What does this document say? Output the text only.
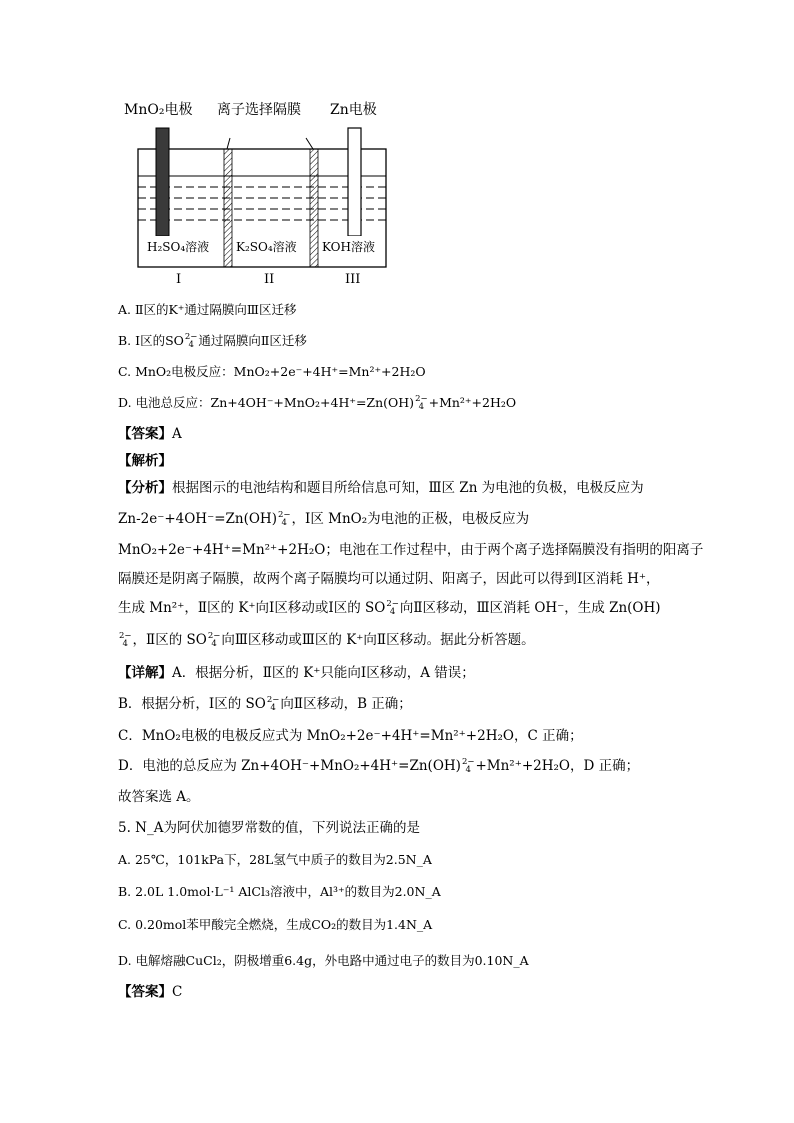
MnO₂电极 离子选择隔膜 Zn电极
H₂SO₄溶液 K₂SO₄溶液 KOH溶液
I	II	III
A. Ⅱ区的K⁺通过隔膜向Ⅲ区迁移
B. Ⅰ区的SO 2−
4 通过隔膜向Ⅱ区迁移
C. MnO₂电极反应：MnO₂+2e⁻+4H⁺=Mn²⁺+2H₂O
D. 电池总反应：Zn+4OH⁻+MnO₂+4H⁺=Zn(OH) 2−
4 +Mn²⁺+2H₂O
【答案】A
【解析】
【分析】根据图示的电池结构和题目所给信息可知，Ⅲ区 Zn 为电池的负极，电极反应为
Zn-2e⁻+4OH⁻=Zn(OH) 2−
4 ，Ⅰ区 MnO₂为电池的正极，电极反应为
MnO₂+2e⁻+4H⁺=Mn²⁺+2H₂O；电池在工作过程中，由于两个离子选择隔膜没有指明的阳离子
隔膜还是阴离子隔膜，故两个离子隔膜均可以通过阴、阳离子，因此可以得到Ⅰ区消耗 H⁺，
生成 Mn²⁺，Ⅱ区的 K⁺向Ⅰ区移动或Ⅰ区的 SO 2−
4 向Ⅱ区移动，Ⅲ区消耗 OH⁻，生成 Zn(OH)
2−
4 ，Ⅱ区的 SO 2−
4 向Ⅲ区移动或Ⅲ区的 K⁺向Ⅱ区移动。据此分析答题。
【详解】A．根据分析，Ⅱ区的 K⁺只能向Ⅰ区移动，A 错误；
B．根据分析，Ⅰ区的 SO 2−
4 向Ⅱ区移动，B 正确；
C．MnO₂电极的电极反应式为 MnO₂+2e⁻+4H⁺=Mn²⁺+2H₂O，C 正确；
D．电池的总反应为 Zn+4OH⁻+MnO₂+4H⁺=Zn(OH) 2−
4 +Mn²⁺+2H₂O，D 正确；
故答案选 A。
5. N_A为阿伏加德罗常数的值，下列说法正确的是
A. 25℃，101kPa下，28L氢气中质子的数目为2.5N_A
B. 2.0L 1.0mol·L⁻¹ AlCl₃溶液中，Al³⁺的数目为2.0N_A
C. 0.20mol苯甲酸完全燃烧，生成CO₂的数目为1.4N_A
D. 电解熔融CuCl₂，阴极增重6.4g，外电路中通过电子的数目为0.10N_A
【答案】C
